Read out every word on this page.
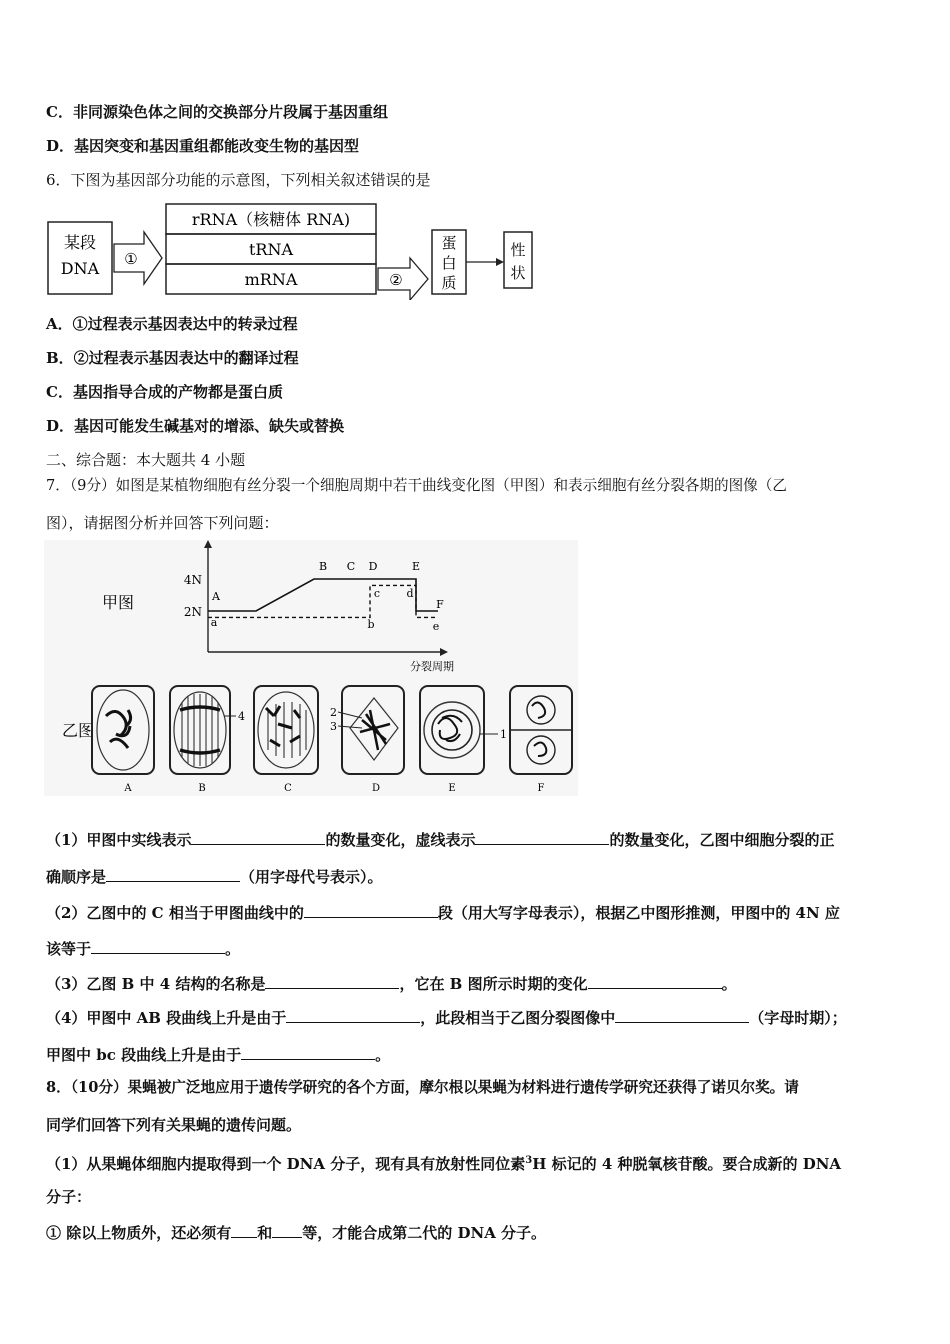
C．非同源染色体之间的交换部分片段属于基因重组
D．基因突变和基因重组都能改变生物的基因型
6．下图为基因部分功能的示意图，下列相关叙述错误的是
某段
DNA ①
rRNA（核糖体 RNA)
tRNA
mRNA	②
蛋
白
质
性
状
A．①过程表示基因表达中的转录过程
B．②过程表示基因表达中的翻译过程
C．基因指导合成的产物都是蛋白质
D．基因可能发生碱基对的增添、缺失或替换
二、综合题：本大题共 4 小题
7．（9分）如图是某植物细胞有丝分裂一个细胞周期中若干曲线变化图（甲图）和表示细胞有丝分裂各期的图像（乙
图），请据图分析并回答下列问题：
甲图
分裂周期
4N
2N
A
B C D	E
F
a	b
c d
e
乙图
A
4
B	C
2
3
D
1
E	F
（1）甲图中实线表示	的数量变化，虚线表示	的数量变化，乙图中细胞分裂的正
确顺序是	（用字母代号表示）。
（2）乙图中的 C 相当于甲图曲线中的	段（用大写字母表示），根据乙中图形推测，甲图中的 4N 应
该等于	。
（3）乙图 B 中 4 结构的名称是	，它在 B 图所示时期的变化	。
（4）甲图中 AB 段曲线上升是由于	，此段相当于乙图分裂图像中	（字母时期）；
甲图中 bc 段曲线上升是由于	。
8．（10分）果蝇被广泛地应用于遗传学研究的各个方面，摩尔根以果蝇为材料进行遗传学研究还获得了诺贝尔奖。请
同学们回答下列有关果蝇的遗传问题。
（1）从果蝇体细胞内提取得到一个 DNA 分子，现有具有放射性同位素$^3$H 标记的 4 种脱氧核苷酸。要合成新的 DNA
分子：
① 除以上物质外，还必须有 和 等，才能合成第二代的 DNA 分子。
